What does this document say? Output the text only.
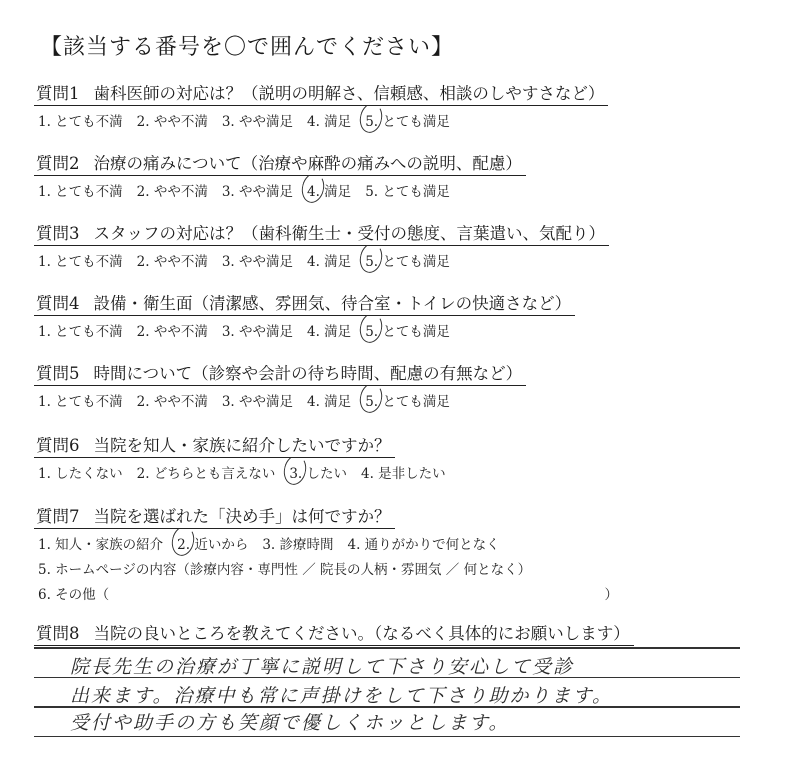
【該当する番号を〇で囲んでください】
質問1 歯科医師の対応は？（説明の明解さ、信頼感、相談のしやすさなど）
1. とても不満 2. やや不満 3. やや満足 4. 満足 5. とても満足
質問2 治療の痛みについて（治療や麻酔の痛みへの説明、配慮）
1. とても不満 2. やや不満 3. やや満足 4. 満足 5. とても満足
質問3 スタッフの対応は？（歯科衛生士・受付の態度、言葉遣い、気配り）
1. とても不満 2. やや不満 3. やや満足 4. 満足 5. とても満足
質問4 設備・衛生面（清潔感、雰囲気、待合室・トイレの快適さなど）
1. とても不満 2. やや不満 3. やや満足 4. 満足 5. とても満足
質問5 時間について（診察や会計の待ち時間、配慮の有無など）
1. とても不満 2. やや不満 3. やや満足 4. 満足 5. とても満足
質問6 当院を知人・家族に紹介したいですか？
1. したくない 2. どちらとも言えない 3. したい 4. 是非したい
質問7 当院を選ばれた「決め手」は何ですか？
1. 知人・家族の紹介 2. 近いから 3. 診療時間 4. 通りがかりで何となく
5. ホームページの内容（診療内容・専門性 ／ 院長の人柄・雰囲気 ／ 何となく）
6. その他（	）
質問8 当院の良いところを教えてください。（なるべく具体的にお願いします）
院長先生の治療が丁寧に説明して下さり安心して受診
出来ます。治療中も常に声掛けをして下さり助かります。
受付や助手の方も笑顔で優しくホッとします。
